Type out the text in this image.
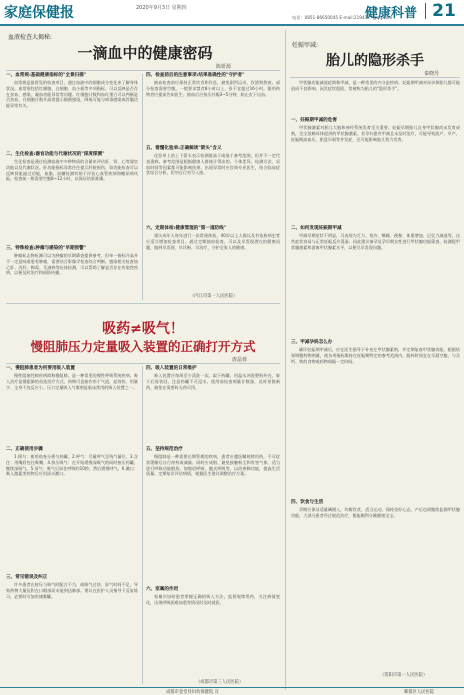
家庭保健报	2020年9月3日 星期四
电话：0851-86650045 E-mail:2194177@qq.com
健康科普 21
血液检查大揭秘:
一滴血中的健康密码
陈妍源
一、血常规:基础健康指标的"全景扫描"
血常规是最常见的检查项目，通过血液中的细胞成分变化来了解身体状况。血常规包括红细胞、白细胞、血小板等多项指标，可以反映是否存在贫血、感染、凝血功能异常等问题。红细胞计数和血红蛋白可以判断是否贫血，白细胞计数升高常提示细菌感染，降低可能与病毒感染或骨髓功能异常有关。
二、生化检查:器官功能与代谢状况的"深度探测"
生化检查是通过检测血液中多种物质的含量来评估肝、肾、心等器官功能以及代谢状况。肝功能指标异常往往提示肝脏损伤，肾功能检查可以反映肾脏滤过功能，血脂、血糖检测有助于评估心血管疾病和糖尿病风险。检查前一般需要空腹8~12小时，以保证结果准确。
三、特殊检查:肿瘤与感染的"早期预警"
肿瘤标志物检测可以为肿瘤的早期筛查提供参考，但单一指标升高并不一定意味着患有肿瘤，需要结合影像学检查综合判断。感染相关检查如乙肝、丙肝、梅毒、艾滋病等抗体检测，可以帮助了解是否存在传染性疾病，以便及时治疗和预防传播。
四、检查前后的注意事项:结果准确性的"守护者"
抽血检查前应保持正常饮食和作息，避免剧烈运动、饮酒和熬夜。部分检查需要空腹，一般要求禁食8小时以上，但不宜超过16小时。服用药物者应提前告知医生。抽血后应按压针眼3~5分钟，防止皮下出血。
五、看懂化验单:正确解读"箭头"含义
化验单上的上下箭头表示检测值高于或低于参考范围，但并不一定代表患病。参考范围是根据健康人群统计得出的，个体差异、检测方法、采血时间等因素都可能影响结果。出现异常时应咨询专业医生，结合临床症状综合分析，切勿自行对号入座。
六、定期体检:健康管理的"第一道防线"
建议成年人每年进行一次常规体检，40岁以上人群以及有家族病史者应适当增加检查项目。通过定期抽血检查，可以及早发现潜在的健康问题，做到早发现、早诊断、早治疗，守护全家人的健康。
（内江市第一人民医院）
吸药≠吸气！
慢阻肺压力定量吸入装置的正确打开方式
唐晶蓉
一、慢阻肺患者为何要用吸入装置
慢性阻塞性肺疾病简称慢阻肺，是一种常见的慢性呼吸系统疾病。吸入治疗是慢阻肺的首选治疗方式，药物可直接作用于气道，起效快、用量少、全身不良反应小。压力定量吸入气雾剂是临床常用的吸入装置之一。
二、正确使用步骤
1.摇匀：使用前充分摇匀药罐。2.呼气：尽量呼气至残气量位。3.含住：用嘴唇包住吸嘴。4.按压吸气：在开始缓慢深吸气的同时按压药罐，继续深吸气。5.屏气：吸气后屏住呼吸约10秒，然后缓慢呼气。6.漱口：吸入激素类药物后应用清水漱口。
三、常见错误及纠正
许多患者在按压与吸气时配合不当，或吸气过快、屏气时间不足，导致药物大量沉积在口咽部而未能到达肺部。建议在医护人员指导下反复练习，必要时可加用储雾罐。
四、吸入装置的日常维护
吸入装置应每周至少清洗一次。取下药罐，用温水冲洗塑料外壳，晾干后再装回。注意药罐不可浸水。使用前检查剂量计数器，及时更换新药，避免在需要时无药可用。
五、坚持规范治疗
慢阻肺是一种需要长期管理的疾病，患者应遵医嘱规律用药，不可症状缓解后自行停药或减量。同时应戒烟、避免接触粉尘和有害气体，适当进行呼吸功能锻炼，如缩唇呼吸、腹式呼吸等，以改善肺功能，提高生活质量。定期复诊评估病情，根据医生建议调整治疗方案。
六、家属的作用
家属应协助患者掌握正确的吸入方法，监督规律用药，关注病情变化，出现呼吸困难加重等情况时及时就医。
（成都市第三人民医院）
妊娠甲减:
胎儿的隐形杀手
秦晓丹
甲状腺功能减退症简称甲减，是一种常见的内分泌疾病。妊娠期甲减对母亲和胎儿都可能造成不良影响，因其症状隐匿，常被称为胎儿的"隐形杀手"。
一、妊娠期甲减的危害
甲状腺激素对胎儿大脑和神经系统发育至关重要。妊娠早期胎儿自身甲状腺尚未发育成熟，完全依赖母体提供的甲状腺激素。若孕妇患有甲减且未及时治疗，可能导致流产、早产、妊娠期高血压、胎盘早剥等并发症，还可能影响胎儿智力发育。
二、如何发现妊娠期甲减
甲减早期症状不明显，可表现为乏力、怕冷、嗜睡、便秘、体重增加、记忆力减退等，这些症状容易与正常妊娠反应混淆。因此建议备孕及孕早期女性进行甲状腺功能筛查，检测促甲状腺激素和游离甲状腺素水平，以便尽早发现问题。
三、甲减孕妈怎么办
确诊妊娠期甲减后，应在医生指导下补充左甲状腺素钠，并定期复查甲状腺功能，根据结果调整药物剂量，使各项指标维持在妊娠期特定的参考范围内。服药时间宜在早晨空腹，与含钙、铁的食物或药物间隔一定时间。
四、饮食与生活
孕期应保证适量碘摄入，均衡饮食，适当运动，保持良好心态。产后也需继续监测甲状腺功能，大部分患者经过规范治疗，都能顺利分娩健康宝宝。
（资阳市第一人民医院）
成都市金堂县妇幼保健院 宣	郫都区人民医院
